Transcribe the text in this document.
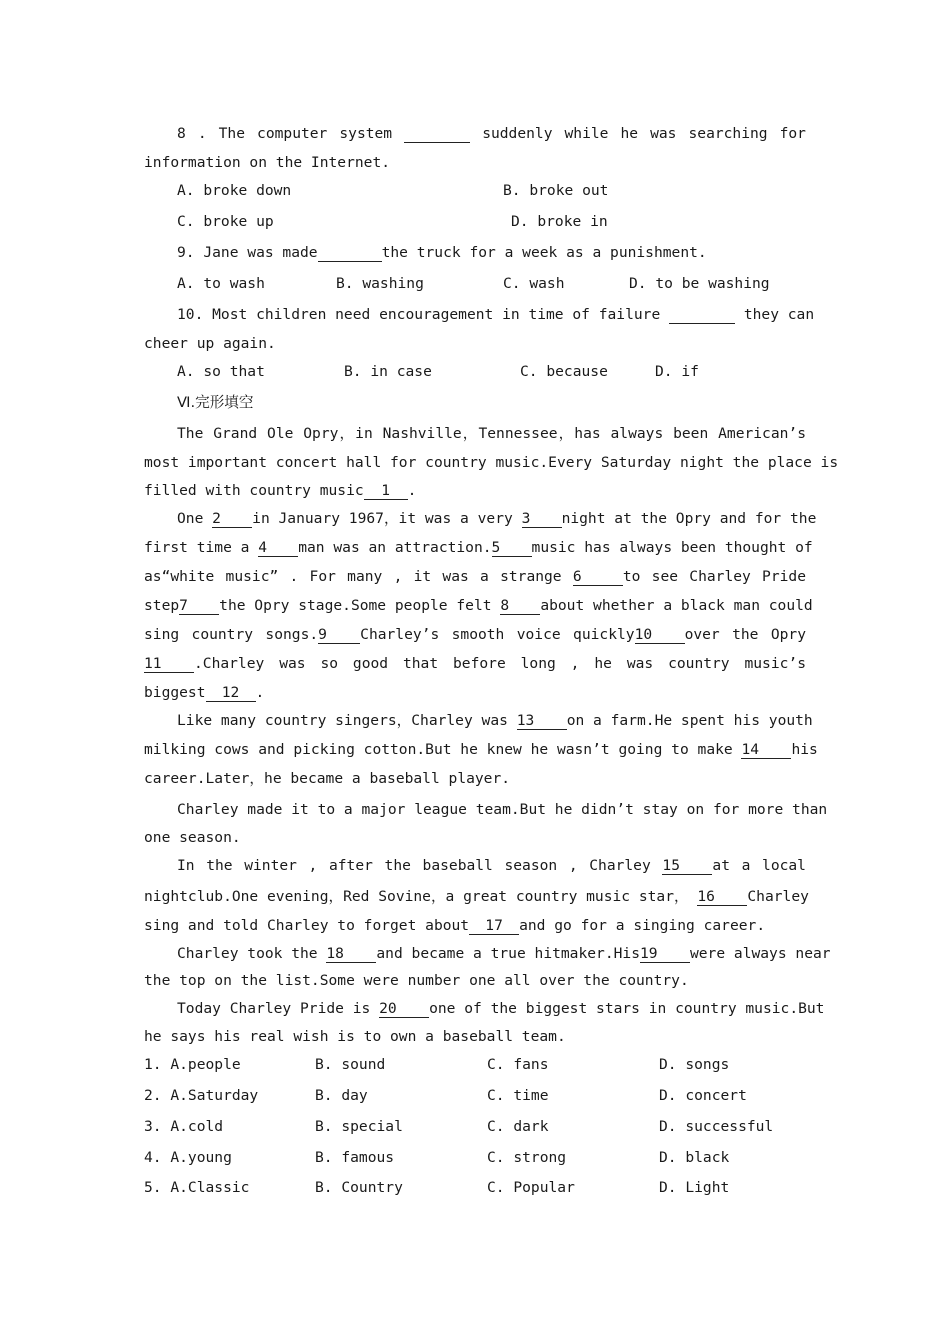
8 . The computer system	suddenly while he was searching for
information on the Internet.
A. broke down	B. broke out
C. broke up	D. broke in
9. Jane was made	the truck for a week as a punishment.
A. to wash	B. washing	C. wash	D. to be washing
10. Most children need encouragement in time of failure	they can
cheer up again.
A. so that	B. in case	C. because	D. if
Ⅵ.完形填空
The Grand Ole Opry，in Nashville，Tennessee，has always been American’s
most important concert hall for country music.Every Saturday night the place is
filled with country music 1 .
One 2 in January 1967，it was a very 3 night at the Opry and for the
first time a 4 man was an attraction.5 music has always been thought of
as“white music” . For many , it was a strange 6	to see Charley Pride
step7 the Opry stage.Some people felt 8 about whether a black man could
sing country songs.9 Charley’s smooth voice quickly10 over the Opry
11 .Charley was so good that before long , he was country music’s
biggest 12 .
Like many country singers，Charley was 13 on a farm.He spent his youth
milking cows and picking cotton.But he knew he wasn’t going to make 14 his
career.Later，he became a baseball player.
Charley made it to a major league team.But he didn’t stay on for more than
one season.
In the winter , after the baseball season , Charley 15 at a local
nightclub.One evening，Red Sovine，a great country music star， 16 Charley
sing and told Charley to forget about 17 and go for a singing career.
Charley took the 18 and became a true hitmaker.His19 were always near
the top on the list.Some were number one all over the country.
Today Charley Pride is 20 one of the biggest stars in country music.But
he says his real wish is to own a baseball team.
1. A.people	B. sound	C. fans	D. songs
2. A.Saturday	B. day	C. time	D. concert
3. A.cold	B. special	C. dark	D. successful
4. A.young	B. famous	C. strong	D. black
5. A.Classic	B. Country	C. Popular	D. Light
